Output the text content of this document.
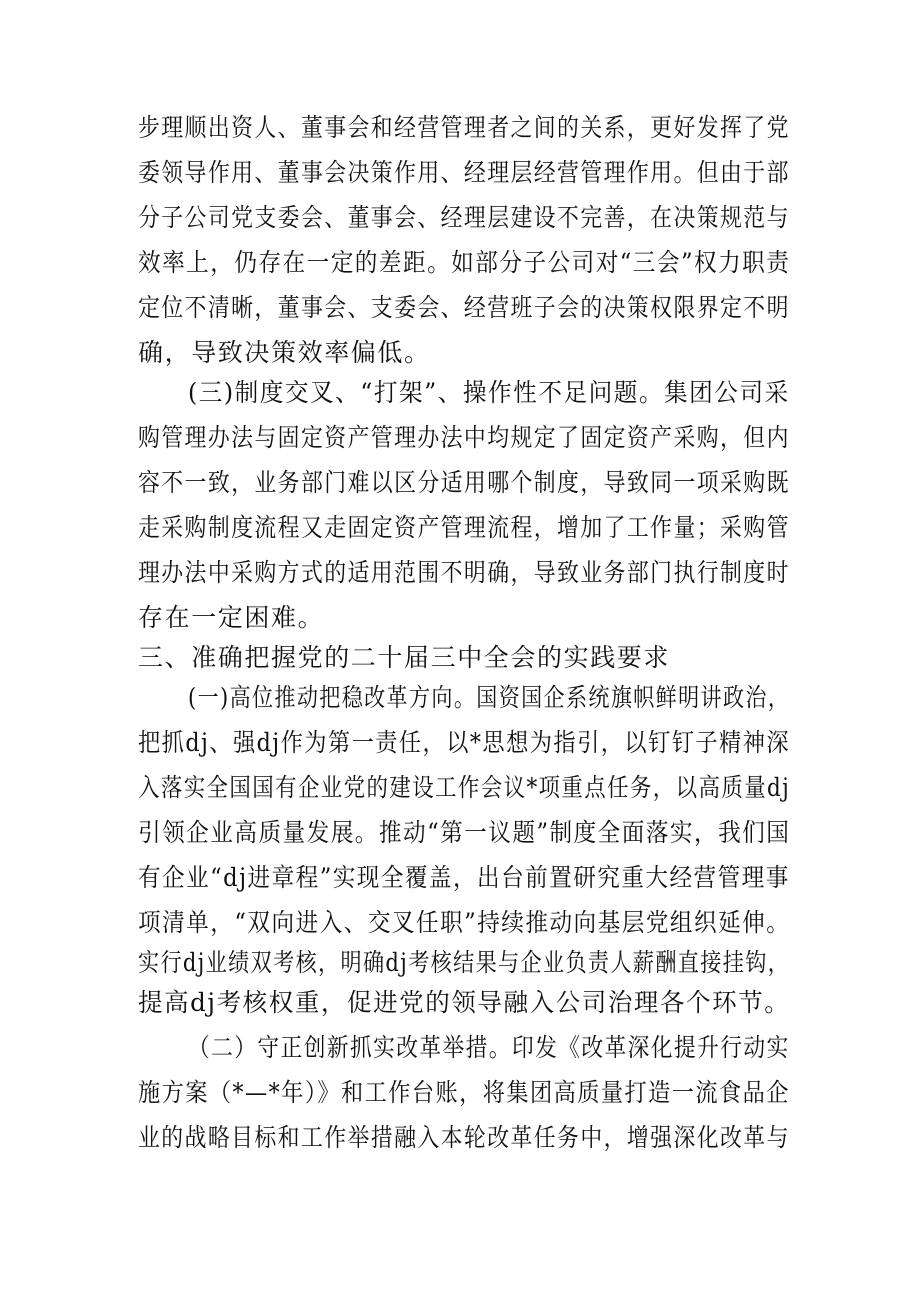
步理顺出资人、董事会和经营管理者之间的关系，更好发挥了党
委领导作用、董事会决策作用、经理层经营管理作用。但由于部
分子公司党支委会、董事会、经理层建设不完善，在决策规范与
效率上，仍存在一定的差距。如部分子公司对“三会”权力职责
定位不清晰，董事会、支委会、经营班子会的决策权限界定不明
确，导致决策效率偏低。
(三)制度交叉、“打架”、操作性不足问题。集团公司采
购管理办法与固定资产管理办法中均规定了固定资产采购，但内
容不一致，业务部门难以区分适用哪个制度，导致同一项采购既
走采购制度流程又走固定资产管理流程，增加了工作量；采购管
理办法中采购方式的适用范围不明确，导致业务部门执行制度时
存在一定困难。
三、准确把握党的二十届三中全会的实践要求
(一)高位推动把稳改革方向。国资国企系统旗帜鲜明讲政治，
把抓dj、强dj作为第一责任，以*思想为指引，以钉钉子精神深
入落实全国国有企业党的建设工作会议*项重点任务，以高质量dj
引领企业高质量发展。推动“第一议题”制度全面落实，我们国
有企业“dj进章程”实现全覆盖，出台前置研究重大经营管理事
项清单，“双向进入、交叉任职”持续推动向基层党组织延伸。
实行dj业绩双考核，明确dj考核结果与企业负责人薪酬直接挂钩，
提高dj考核权重，促进党的领导融入公司治理各个环节。
（二）守正创新抓实改革举措。印发《改革深化提升行动实
施方案（*—*年）》和工作台账，将集团高质量打造一流食品企
业的战略目标和工作举措融入本轮改革任务中，增强深化改革与
